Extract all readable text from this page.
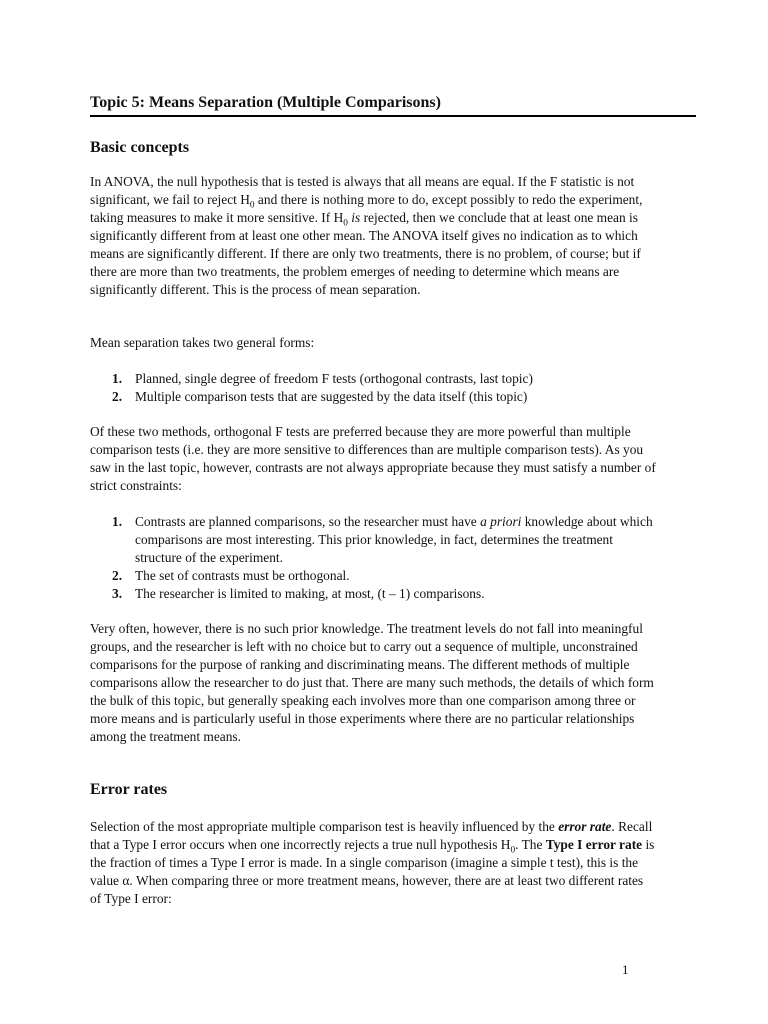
Topic 5: Means Separation (Multiple Comparisons)
Basic concepts

In ANOVA, the null hypothesis that is tested is always that all means are equal. If the F statistic is not significant, we fail to reject $H_0$ and there is nothing more to do, except possibly to redo the experiment, taking measures to make it more sensitive. If $H_0$ is rejected, then we conclude that at least one mean is significantly different from at least one other mean. The ANOVA itself gives no indication as to which means are significantly different. If there are only two treatments, there is no problem, of course; but if there are more than two treatments, the problem emerges of needing to determine which means are significantly different. This is the process of mean separation.

Mean separation takes two general forms:

1. Planned, single degree of freedom F tests (orthogonal contrasts, last topic)
2. Multiple comparison tests that are suggested by the data itself (this topic)

Of these two methods, orthogonal F tests are preferred because they are more powerful than multiple comparison tests (i.e. they are more sensitive to differences than are multiple comparison tests). As you saw in the last topic, however, contrasts are not always appropriate because they must satisfy a number of strict constraints:

1. Contrasts are planned comparisons, so the researcher must have a priori knowledge about which comparisons are most interesting. This prior knowledge, in fact, determines the treatment structure of the experiment.
2. The set of contrasts must be orthogonal.
3. The researcher is limited to making, at most, (t – 1) comparisons.

Very often, however, there is no such prior knowledge. The treatment levels do not fall into meaningful groups, and the researcher is left with no choice but to carry out a sequence of multiple, unconstrained comparisons for the purpose of ranking and discriminating means. The different methods of multiple comparisons allow the researcher to do just that. There are many such methods, the details of which form the bulk of this topic, but generally speaking each involves more than one comparison among three or more means and is particularly useful in those experiments where there are no particular relationships among the treatment means.

Error rates

Selection of the most appropriate multiple comparison test is heavily influenced by the error rate. Recall that a Type I error occurs when one incorrectly rejects a true null hypothesis $H_0$. The Type I error rate is the fraction of times a Type I error is made. In a single comparison (imagine a simple t test), this is the value α. When comparing three or more treatment means, however, there are at least two different rates of Type I error:

1
